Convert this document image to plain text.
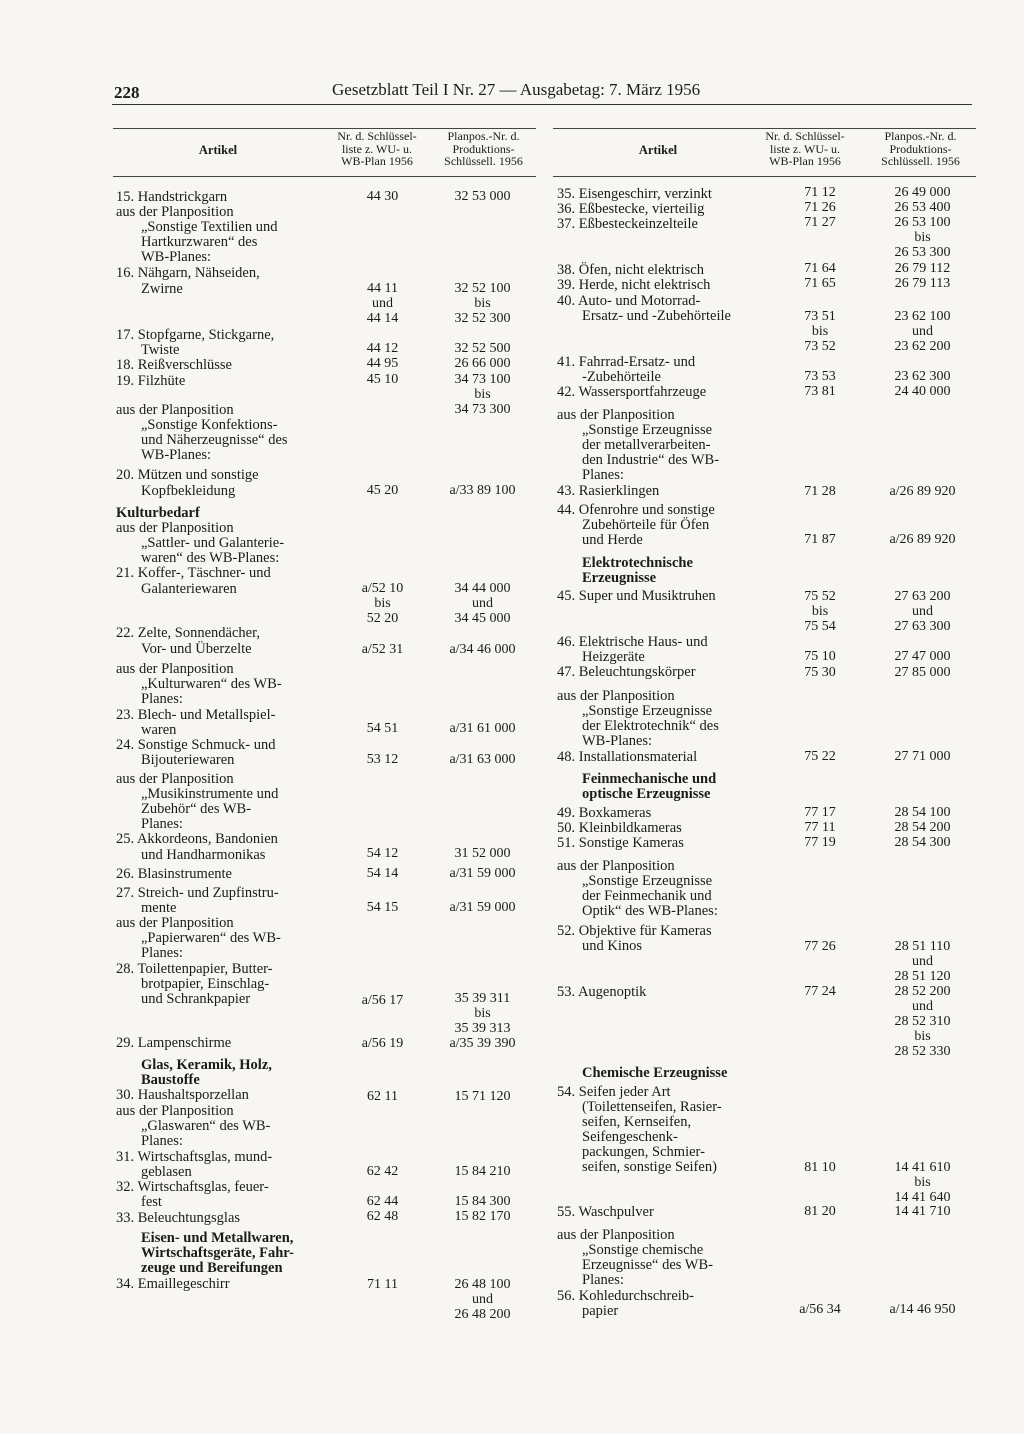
228	Gesetzblatt Teil I Nr. 27 — Ausgabetag: 7. März 1956
Artikel
Nr. d. Schlüssel-
liste z. WU- u.
WB-Plan 1956
Planpos.-Nr. d.
Produktions-
Schlüssell. 1956
Artikel
Nr. d. Schlüssel-
liste z. WU- u.
WB-Plan 1956
Planpos.-Nr. d.
Produktions-
Schlüssell. 1956
15. Handstrickgarn
aus der Planposition
„Sonstige Textilien und
Hartkurzwaren“ des
WB-Planes:
16. Nähgarn, Nähseiden,
Zwirne
17. Stopfgarne, Stickgarne,
Twiste
18. Reißverschlüsse
19. Filzhüte
aus der Planposition
„Sonstige Konfektions-
und Näherzeugnisse“ des
WB-Planes:
20. Mützen und sonstige
Kopfbekleidung
Kulturbedarf
aus der Planposition
„Sattler- und Galanterie-
waren“ des WB-Planes:
21. Koffer-, Täschner- und
Galanteriewaren
22. Zelte, Sonnendächer,
Vor- und Überzelte
aus der Planposition
„Kulturwaren“ des WB-
Planes:
23. Blech- und Metallspiel-
waren
24. Sonstige Schmuck- und
Bijouteriewaren
aus der Planposition
„Musikinstrumente und
Zubehör“ des WB-
Planes:
25. Akkordeons, Bandonien
und Handharmonikas
26. Blasinstrumente
27. Streich- und Zupfinstru-
mente
aus der Planposition
„Papierwaren“ des WB-
Planes:
28. Toilettenpapier, Butter-
brotpapier, Einschlag-
und Schrankpapier
29. Lampenschirme
Glas, Keramik, Holz,
Baustoffe
30. Haushaltsporzellan
aus der Planposition
„Glaswaren“ des WB-
Planes:
31. Wirtschaftsglas, mund-
geblasen
32. Wirtschaftsglas, feuer-
fest
33. Beleuchtungsglas
Eisen- und Metallwaren,
Wirtschaftsgeräte, Fahr-
zeuge und Bereifungen
34. Emaillegeschirr
44 30
44 11
und
44 14
44 12
44 95
45 10
45 20
a/52 10
bis
52 20
a/52 31
54 51
53 12
54 12
54 14
54 15
a/56 17
a/56 19
62 11
62 42
62 44
62 48
71 11
32 53 000
32 52 100
bis
32 52 300
32 52 500
26 66 000
34 73 100
bis
34 73 300
a/33 89 100
34 44 000
und
34 45 000
a/34 46 000
a/31 61 000
a/31 63 000
31 52 000
a/31 59 000
a/31 59 000
35 39 311
bis
35 39 313
a/35 39 390
15 71 120
15 84 210
15 84 300
15 82 170
26 48 100
und
26 48 200
35. Eisengeschirr, verzinkt
36. Eßbestecke, vierteilig
37. Eßbesteckeinzelteile
38. Öfen, nicht elektrisch
39. Herde, nicht elektrisch
40. Auto- und Motorrad-
Ersatz- und -Zubehörteile
41. Fahrrad-Ersatz- und
-Zubehörteile
42. Wassersportfahrzeuge
aus der Planposition
„Sonstige Erzeugnisse
der metallverarbeiten-
den Industrie“ des WB-
Planes:
43. Rasierklingen
44. Ofenrohre und sonstige
Zubehörteile für Öfen
und Herde
Elektrotechnische
Erzeugnisse
45. Super und Musiktruhen
46. Elektrische Haus- und
Heizgeräte
47. Beleuchtungskörper
aus der Planposition
„Sonstige Erzeugnisse
der Elektrotechnik“ des
WB-Planes:
48. Installationsmaterial
Feinmechanische und
optische Erzeugnisse
49. Boxkameras
50. Kleinbildkameras
51. Sonstige Kameras
aus der Planposition
„Sonstige Erzeugnisse
der Feinmechanik und
Optik“ des WB-Planes:
52. Objektive für Kameras
und Kinos
53. Augenoptik
Chemische Erzeugnisse
54. Seifen jeder Art
(Toilettenseifen, Rasier-
seifen, Kernseifen,
Seifengeschenk-
packungen, Schmier-
seifen, sonstige Seifen)
55. Waschpulver
aus der Planposition
„Sonstige chemische
Erzeugnisse“ des WB-
Planes:
56. Kohledurchschreib-
papier
71 12
71 26
71 27
71 64
71 65
73 51
bis
73 52
73 53
73 81
71 28
71 87
75 52
bis
75 54
75 10
75 30
75 22
77 17
77 11
77 19
77 26
77 24
81 10
81 20
a/56 34
26 49 000
26 53 400
26 53 100
bis
26 53 300
26 79 112
26 79 113
23 62 100
und
23 62 200
23 62 300
24 40 000
a/26 89 920
a/26 89 920
27 63 200
und
27 63 300
27 47 000
27 85 000
27 71 000
28 54 100
28 54 200
28 54 300
28 51 110
und
28 51 120
28 52 200
und
28 52 310
bis
28 52 330
14 41 610
bis
14 41 640
14 41 710
a/14 46 950
